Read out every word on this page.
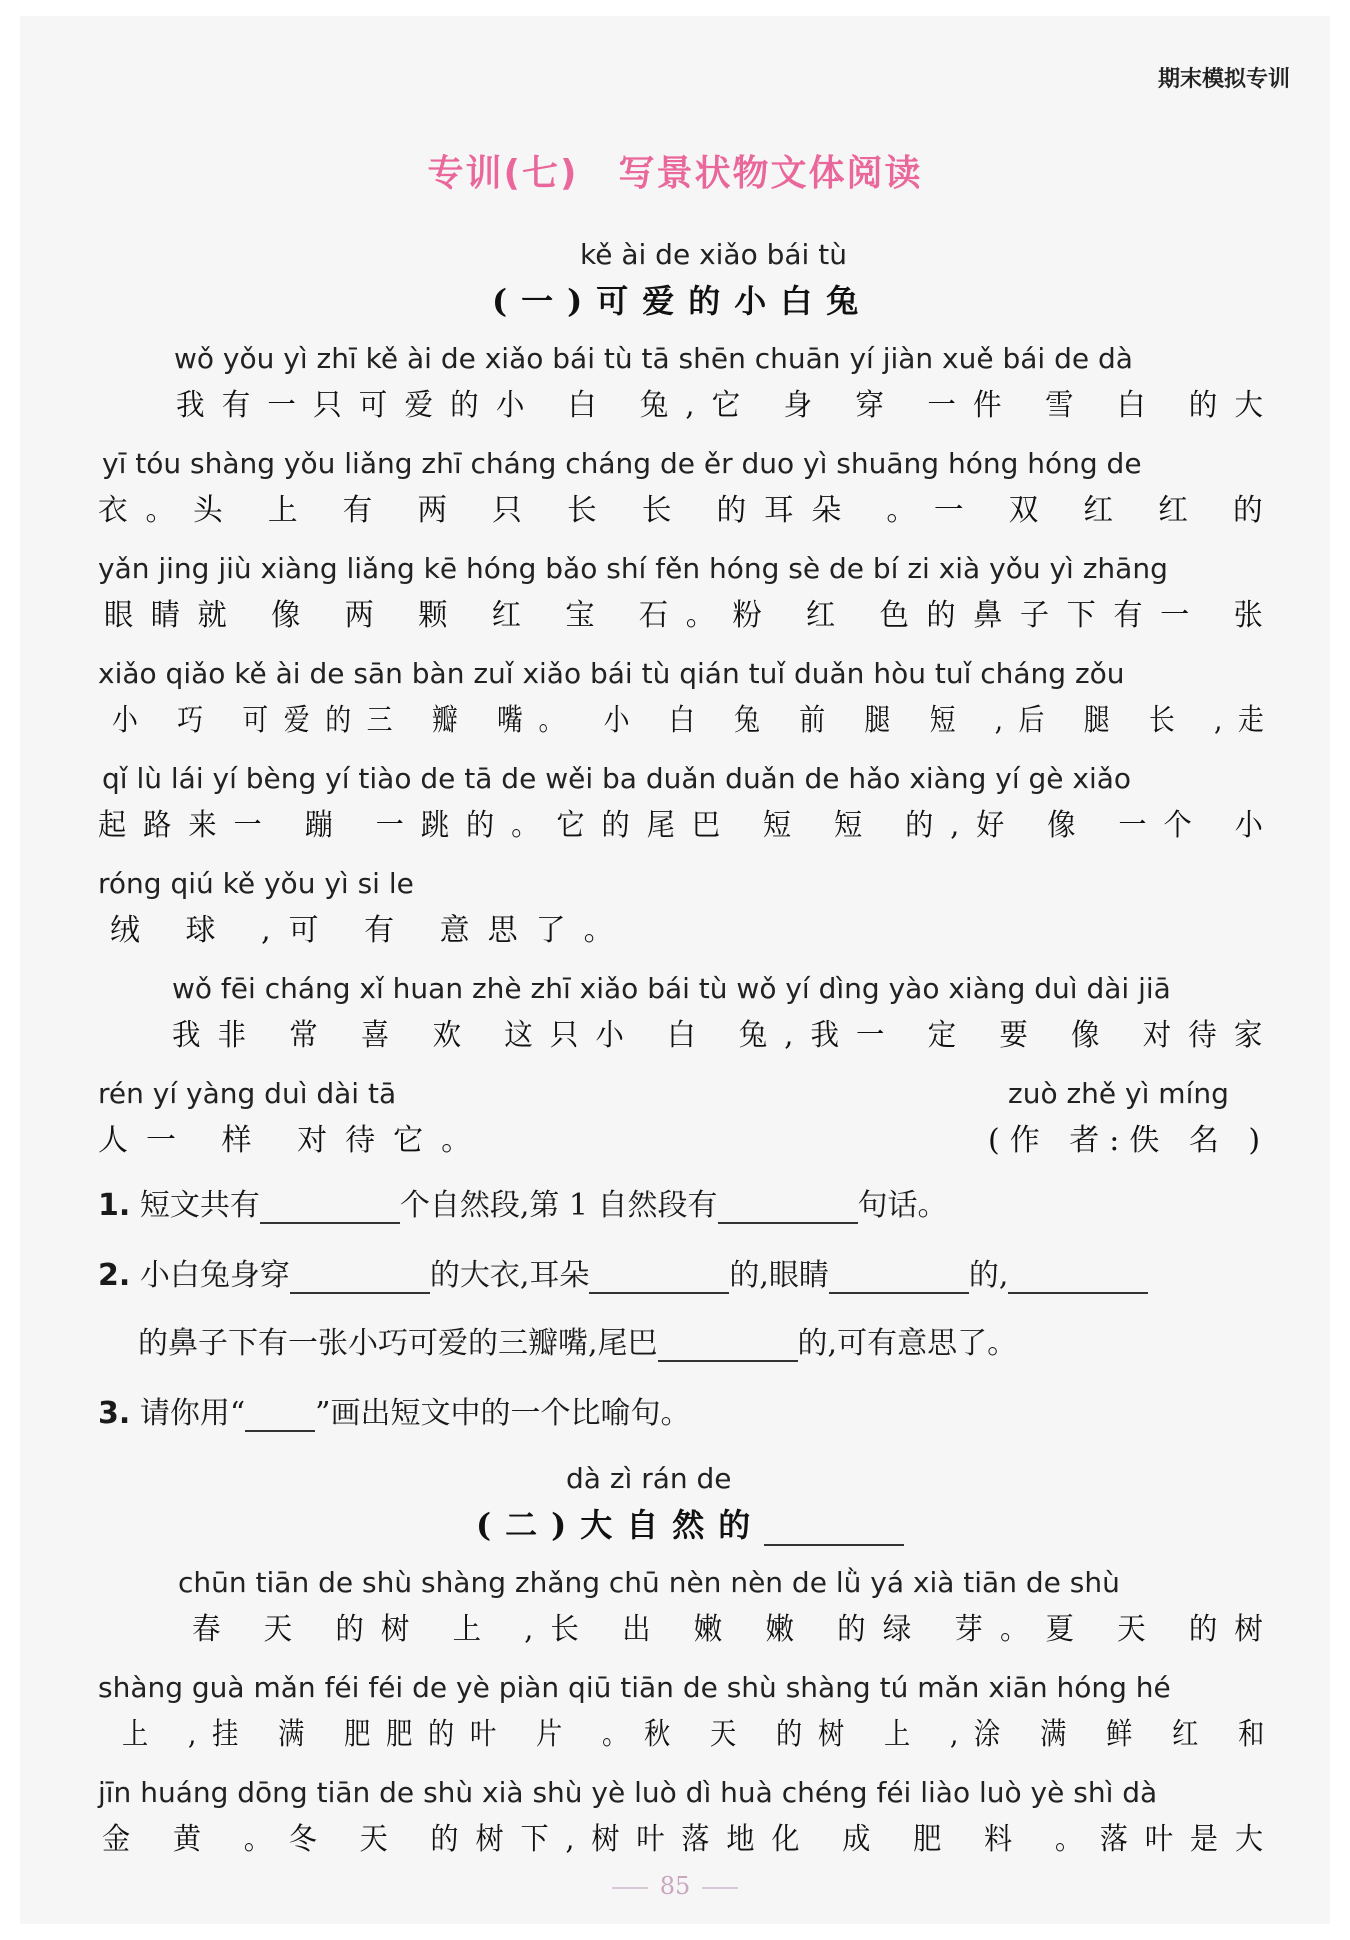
期末模拟专训
专训(七) 写景状物文体阅读
kě ài de xiǎo bái tù
(一)可爱的小白兔
wǒ yǒu yì zhī kě ài de xiǎo bái tù tā shēn chuān yí jiàn xuě bái de dà
我有一只可爱的小 白 兔,它 身 穿 一件 雪 白 的大
yī tóu shàng yǒu liǎng zhī cháng cháng de ěr duo yì shuāng hóng hóng de
衣。头 上 有 两 只 长 长 的耳朵 。一 双 红 红 的
yǎn jing jiù xiàng liǎng kē hóng bǎo shí fěn hóng sè de bí zi xià yǒu yì zhāng
眼睛就 像 两 颗 红 宝 石。粉 红 色的鼻子下有一 张
xiǎo qiǎo kě ài de sān bàn zuǐ xiǎo bái tù qián tuǐ duǎn hòu tuǐ cháng zǒu
小 巧 可爱的三 瓣 嘴。 小 白 兔 前 腿 短 ,后 腿 长 ,走
qǐ lù lái yí bèng yí tiào de tā de wěi ba duǎn duǎn de hǎo xiàng yí gè xiǎo
起路来一 蹦 一跳的。它的尾巴 短 短 的,好 像 一个 小
róng qiú kě yǒu yì si le
绒 球 ,可 有 意思了。
wǒ fēi cháng xǐ huan zhè zhī xiǎo bái tù wǒ yí dìng yào xiàng duì dài jiā
我非 常 喜 欢 这只小 白 兔,我一 定 要 像 对待家
rén yí yàng duì dài tā
人一 样 对待它。
zuò zhě yì míng
(作 者:佚 名 )
1. 短文共有	个自然段,第 1 自然段有	句话。
2. 小白兔身穿	的大衣,耳朵	的,眼睛	的,
的鼻子下有一张小巧可爱的三瓣嘴,尾巴	的,可有意思了。
3. 请你用“ ”画出短文中的一个比喻句。
dà zì rán de
(二)大自然的
chūn tiān de shù shàng zhǎng chū nèn nèn de lǜ yá xià tiān de shù
春 天 的树 上 ,长 出 嫩 嫩 的绿 芽。夏 天 的树
shàng guà mǎn féi féi de yè piàn qiū tiān de shù shàng tú mǎn xiān hóng hé
上 ,挂 满 肥肥的叶 片 。秋 天 的树 上 ,涂 满 鲜 红 和
jīn huáng dōng tiān de shù xià shù yè luò dì huà chéng féi liào luò yè shì dà
金 黄 。冬 天 的树下,树叶落地化 成 肥 料 。落叶是大
85
